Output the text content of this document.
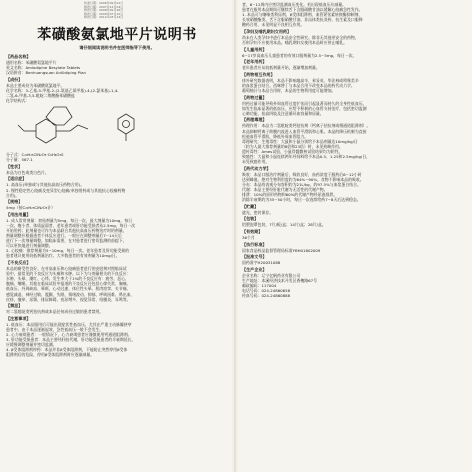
核准日期：2006年09月01日
修改日期：2007年12月04日
修改日期：2008年09月26日
修改日期：2009年07月10日
修改日期：2012年03月14日
苯磺酸氨氯地平片说明书
请仔细阅读说明书并在医师指导下使用。
【药品名称】
通用名称：苯磺酸氨氯地平片
英文名称：Amlodipine Besylate Tablets
汉语拼音：Benhuangsuan Anlüdiping Pian
【成份】
本品主要成份为苯磺酸氨氯地平。
化学名称：3-乙基-5-甲基-2-(2-氨基乙氧甲基)-4-(2-氯苯基)-1,4-
二氢-6-甲基-3,5-吡啶二羧酸酯苯磺酸盐
化学结构式：
分子式：C₂₀H₂₅ClN₂O₅·C₆H₆O₃S
分子量：567.1
【性状】
本品为白色或类白色片。
【适应症】
1. 高血压(单独或与其他抗高血压药物合用)。
2. 慢性稳定性心绞痛及变异型心绞痛(单独用药或与其他抗心绞痛药物
合用)。
【规格】
5mg（按C₂₀H₂₅ClN₂O₅计）
【用法用量】
1. 成人常用剂量：初始剂量为5mg，每日一次，最大剂量为10mg，每日
一次。瘦小者、体质虚弱者、老年患者或肝功能受损者从2.5mg，每日一次
开始用药；此剂量也可作为本品联合其他抗高血压药物治疗时的剂量。
剂量调整应根据患者个体反应进行。一般应在调整剂量后7~14天后
进行下一次剂量调整。如临床需要，在对患者进行密切监测的前提下，
可以更快地进行剂量调整。
2. 心绞痛：推荐剂量为5~10mg，每日一次。老年患者及肝功能受损的
患者建议使用较低剂量治疗。大多数患者的有效剂量为10mg/日。
【不良反应】
本品的耐受性良好。在对高血压和心绞痛患者进行的安慰剂对照临床试
验中，最常见的不良反应为头痛和水肿。以下为与剂量相关的不良反应：
水肿、头晕、潮红、心悸。发生率大于1%的不良反应有：疲劳、恶心、
腹痛、嗜睡。其他在临床试验中报道的不良反应还包括心律失常、胸痛、
低血压、外周缺血、晕厥、心动过速、体位性头晕、肌肉痉挛、关节痛、
感觉减退、神经过敏、震颤、失眠、情绪波动、抑郁、呼吸困难、鼻出血、
皮疹、瘙痒、尿频、排尿障碍、夜尿增多、视觉异常、结膜炎、耳鸣等。
【禁忌】
对二氢吡啶类钙拮抗剂或本品任何成份过敏的患者禁用。
【注意事项】
1. 低血压：本品服用后可能出现症状性低血压，尤其在严重主动脉瓣狭窄
患者中。由于本品逐渐起效，急性低血压一般不会发生。
2. 心力衰竭患者：一般情况下，心力衰竭患者应谨慎使用钙通道阻滞剂。
3. 肝功能受损患者：本品主要经肝脏代谢，肝功能受损患者的半衰期延长，
应缓慢调整剂量并密切监测。
4. β受体阻滞剂停药：本品并非β受体阻滞剂，不能防止突然停用β受体
阻滞剂后的危险，停用β受体阻滞剂时应逐渐减量。
者，6~12周内应密切监测血压变化。若出现低血压应减量。
患者在服用本品期间可继续舌下含服硝酸甘油以缓解心绞痛急性发作。
1. 本品可与噻嗪类利尿剂、β受体阻滞剂、血管紧张素转换酶抑制剂、
长效硝酸酯类、舌下含服硝酸甘油、非甾体类抗炎药、抗生素及口服降
糖药合用，未见明显不良相互作用。
【孕妇及哺乳期妇女用药】
尚未在人类孕妇中进行本品安全性研究。除非无其他更安全的药物，
否则孕妇不应使用本品。哺乳期妇女使用本品时应停止哺乳。
【儿童用药】
6~17岁高血压儿童患者的有效口服剂量为2.5~5mg，每日一次。
【老年用药】
老年患者应从较低剂量开始，逐渐增加剂量。
【药物相互作用】
体外研究数据表明，本品不影响地高辛、苯妥英、华法林或吲哚美辛
的血浆蛋白结合。西咪替丁与本品合用不改变本品的药代动力学。
葡萄柚汁与本品合用时，本品的生物利用度可能增加。
【药物过量】
用药过量可能导致外周血管过度扩张而引起显著而持久的全身性低血压。
如发生临床显著的低血压，应给予积极的心血管支持治疗，包括密切监测
心肺功能、抬高四肢及注意循环血容量和尿量。
【药理毒理】
药理作用：本品为二氢吡啶类钙拮抗剂（钙离子拮抗剂或慢通道阻滞剂）。
本品抑制钙离子跨膜内流进入血管平滑肌和心肌。本品的降压机制为直接
松弛血管平滑肌，降低外周血管阻力。
毒理研究：生殖毒性：大鼠和小鼠分别给予本品剂量达10mg/kg/日
（约为人最大推荐剂量的8倍和23倍）时，未见致畸作用。
遗传毒性：Ames试验、小鼠骨髓微核试验结果均为阴性。
致癌性：大鼠和小鼠连续两年经饲料给予本品0.5、1.25和2.5mg/kg/日，
未见致癌作用。
【药代动力学】
吸收：本品口服治疗剂量后，吸收良好，血药浓度于服药后6~12小时
达到峰值。绝对生物利用度约为64%~90%。食物不影响本品的吸收。
分布：本品的表观分布容积约为21L/kg，约97.5%与血浆蛋白结合。
代谢：本品主要经肝脏代谢为无活性的代谢产物。
排泄：10%的原形药物和60%的代谢产物经尿液排泄。
消除半衰期约为35~50小时，每日一次连续给药7~8天后达到稳态。
【贮藏】
遮光，密封保存。
【包装】
铝塑泡罩包装，7片/板/盒；14片/盒；28片/盒。
【有效期】
36个月
【执行标准】
国家食品药品监督管理局标准YBH01802009
【批准文号】
国药准字H20031088
【生产企业】
企业名称：辽宁亿帆药业有限公司
生产地址：本溪经济技术开发区香槐路67号
邮政编码：117004
电话号码：024-24860658
传真号码：024-24860888
